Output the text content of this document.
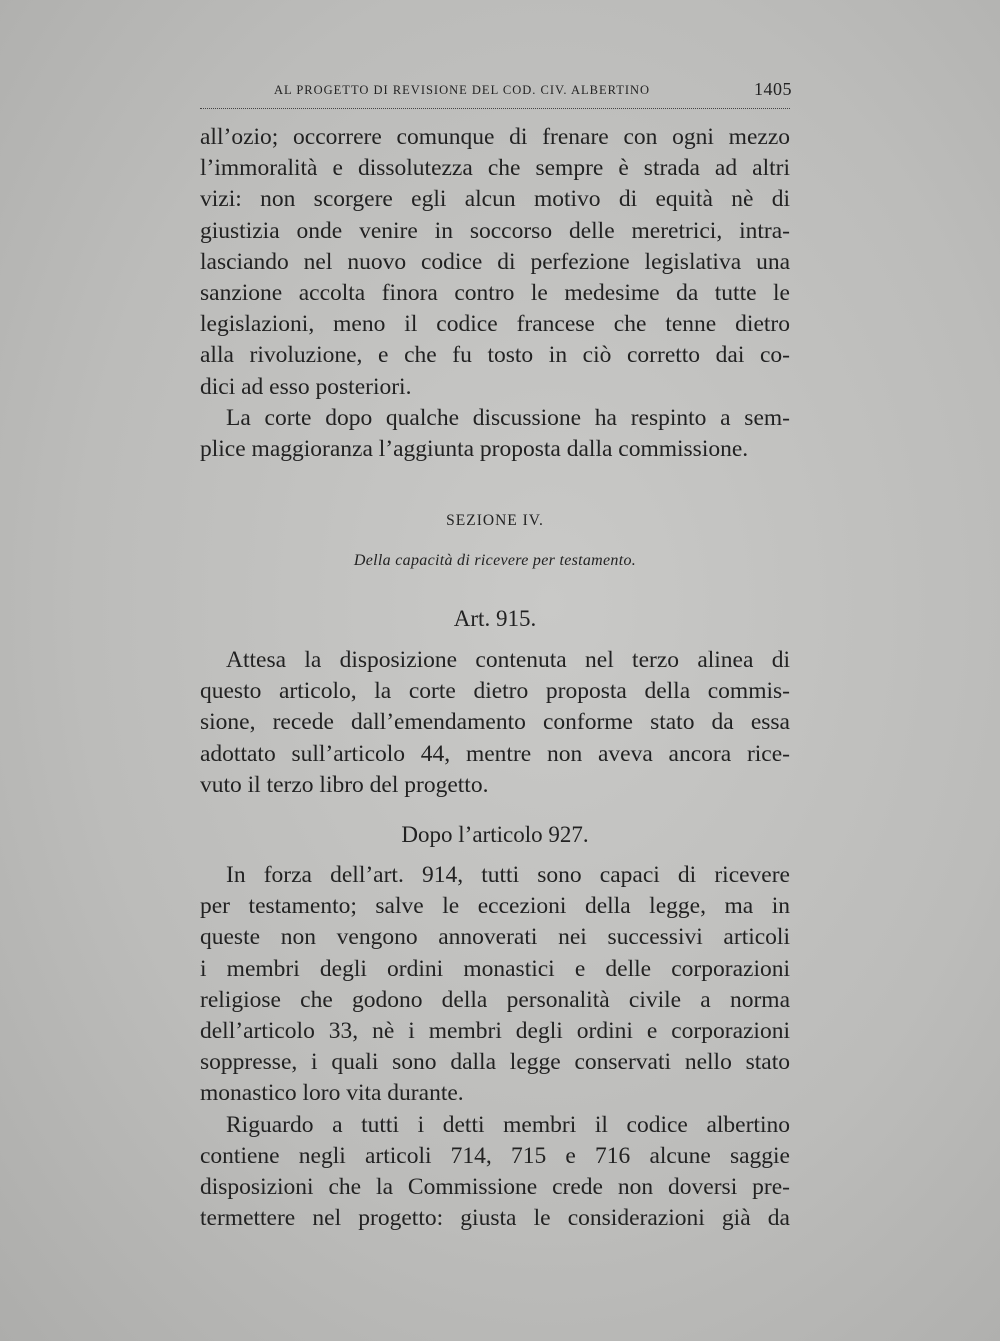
AL PROGETTO DI REVISIONE DEL COD. CIV. ALBERTINO	1405
all’ozio; occorrere comunque di frenare con ogni mezzo
l’immoralità e dissolutezza che sempre è strada ad altri
vizi: non scorgere egli alcun motivo di equità nè di
giustizia onde venire in soccorso delle meretrici, intra-
lasciando nel nuovo codice di perfezione legislativa una
sanzione accolta finora contro le medesime da tutte le
legislazioni, meno il codice francese che tenne dietro
alla rivoluzione, e che fu tosto in ciò corretto dai co-
dici ad esso posteriori.
La corte dopo qualche discussione ha respinto a sem-
plice maggioranza l’aggiunta proposta dalla commissione.
SEZIONE IV.
Della capacità di ricevere per testamento.
Art. 915.
Attesa la disposizione contenuta nel terzo alinea di
questo articolo, la corte dietro proposta della commis-
sione, recede dall’emendamento conforme stato da essa
adottato sull’articolo 44, mentre non aveva ancora rice-
vuto il terzo libro del progetto.
Dopo l’articolo 927.
In forza dell’art. 914, tutti sono capaci di ricevere
per testamento; salve le eccezioni della legge, ma in
queste non vengono annoverati nei successivi articoli
i membri degli ordini monastici e delle corporazioni
religiose che godono della personalità civile a norma
dell’articolo 33, nè i membri degli ordini e corporazioni
soppresse, i quali sono dalla legge conservati nello stato
monastico loro vita durante.
Riguardo a tutti i detti membri il codice albertino
contiene negli articoli 714, 715 e 716 alcune saggie
disposizioni che la Commissione crede non doversi pre-
termettere nel progetto: giusta le considerazioni già da
